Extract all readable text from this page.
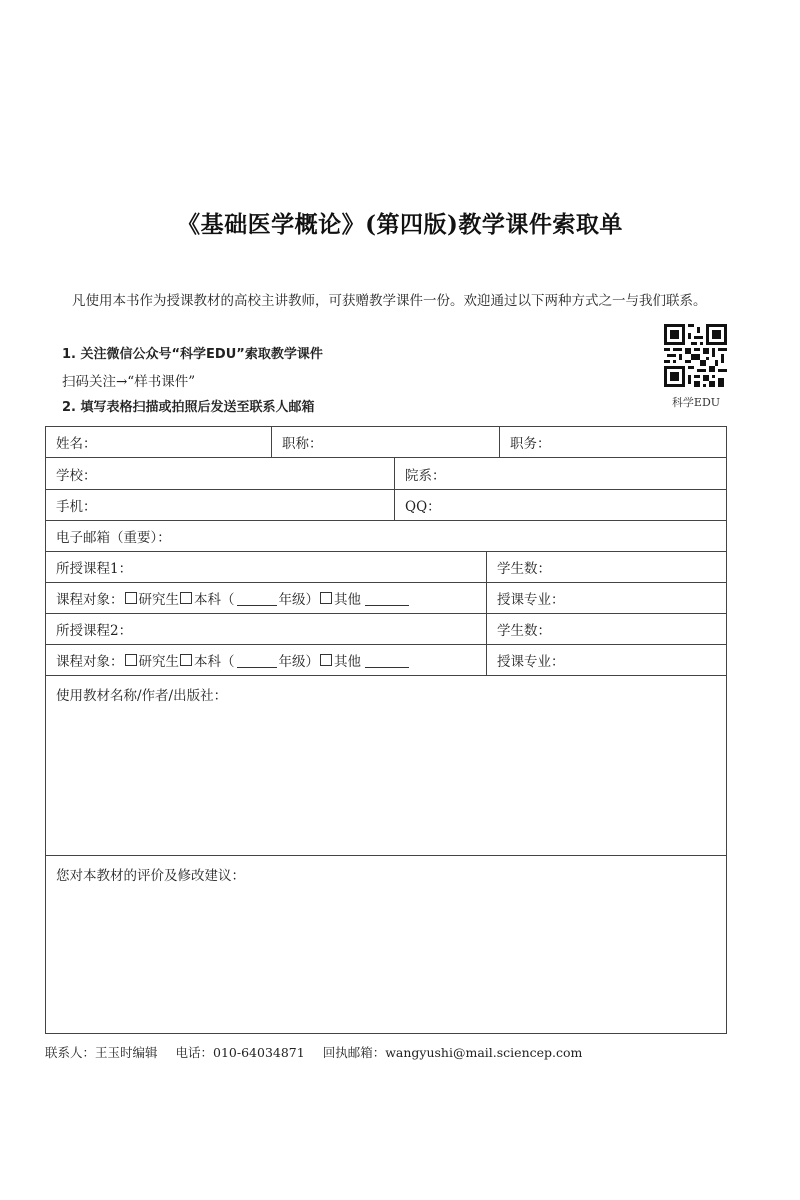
《基础医学概论》(第四版)教学课件索取单

凡使用本书作为授课教材的高校主讲教师，可获赠教学课件一份。欢迎通过以下两种方式之一与我们联系。

1. 关注微信公众号“科学EDU”索取教学课件
扫码关注→“样书课件”
2. 填写表格扫描或拍照后发送至联系人邮箱	科学EDU
姓名：	职称：	职务：
学校：	院系：
手机：	QQ：
电子邮箱（重要）：
所授课程1：	学生数：
课程对象： 研究生 本科（	年级） 其他	授课专业：
所授课程2：	学生数：
课程对象： 研究生 本科（	年级） 其他	授课专业：
使用教材名称/作者/出版社：
您对本教材的评价及修改建议：
联系人：王玉时编辑 电话：010-64034871 回执邮箱：wangyushi@mail.sciencep.com
